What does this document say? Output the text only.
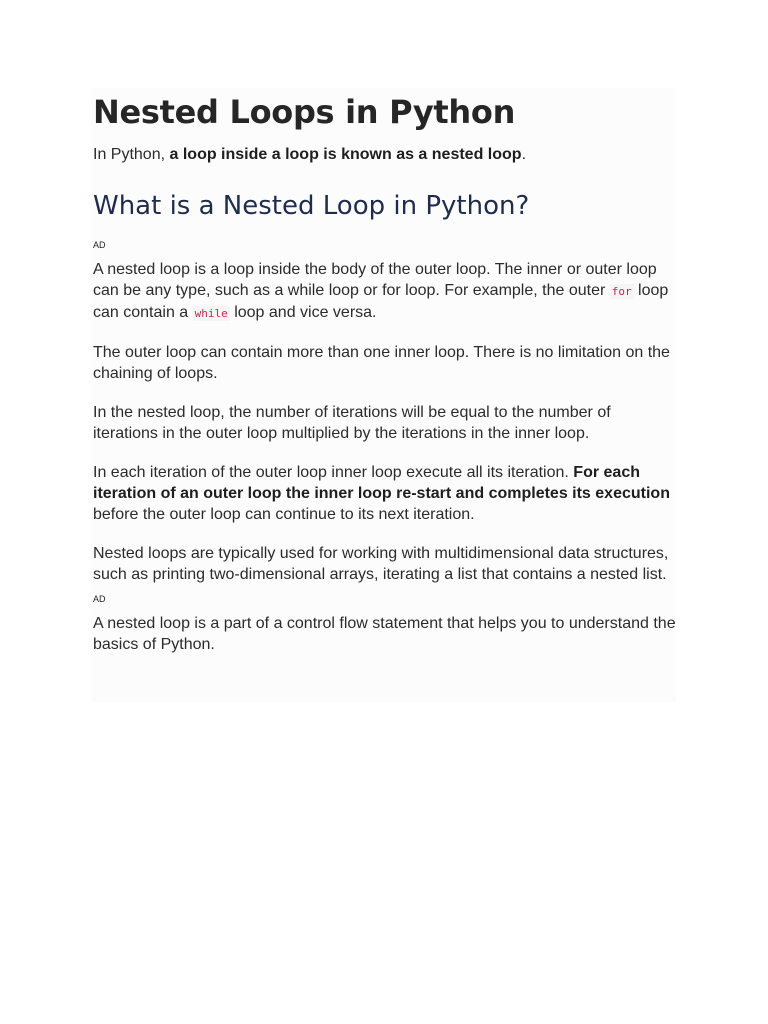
Nested Loops in Python

In Python, a loop inside a loop is known as a nested loop.

What is a Nested Loop in Python?
AD

A nested loop is a loop inside the body of the outer loop. The inner or outer loop can be any type, such as a while loop or for loop. For example, the outer for loop can contain a while loop and vice versa.

The outer loop can contain more than one inner loop. There is no limitation on the chaining of loops.

In the nested loop, the number of iterations will be equal to the number of iterations in the outer loop multiplied by the iterations in the inner loop.

In each iteration of the outer loop inner loop execute all its iteration. For each iteration of an outer loop the inner loop re-start and completes its execution before the outer loop can continue to its next iteration.

Nested loops are typically used for working with multidimensional data structures, such as printing two-dimensional arrays, iterating a list that contains a nested list.

AD

A nested loop is a part of a control flow statement that helps you to understand the basics of Python.
